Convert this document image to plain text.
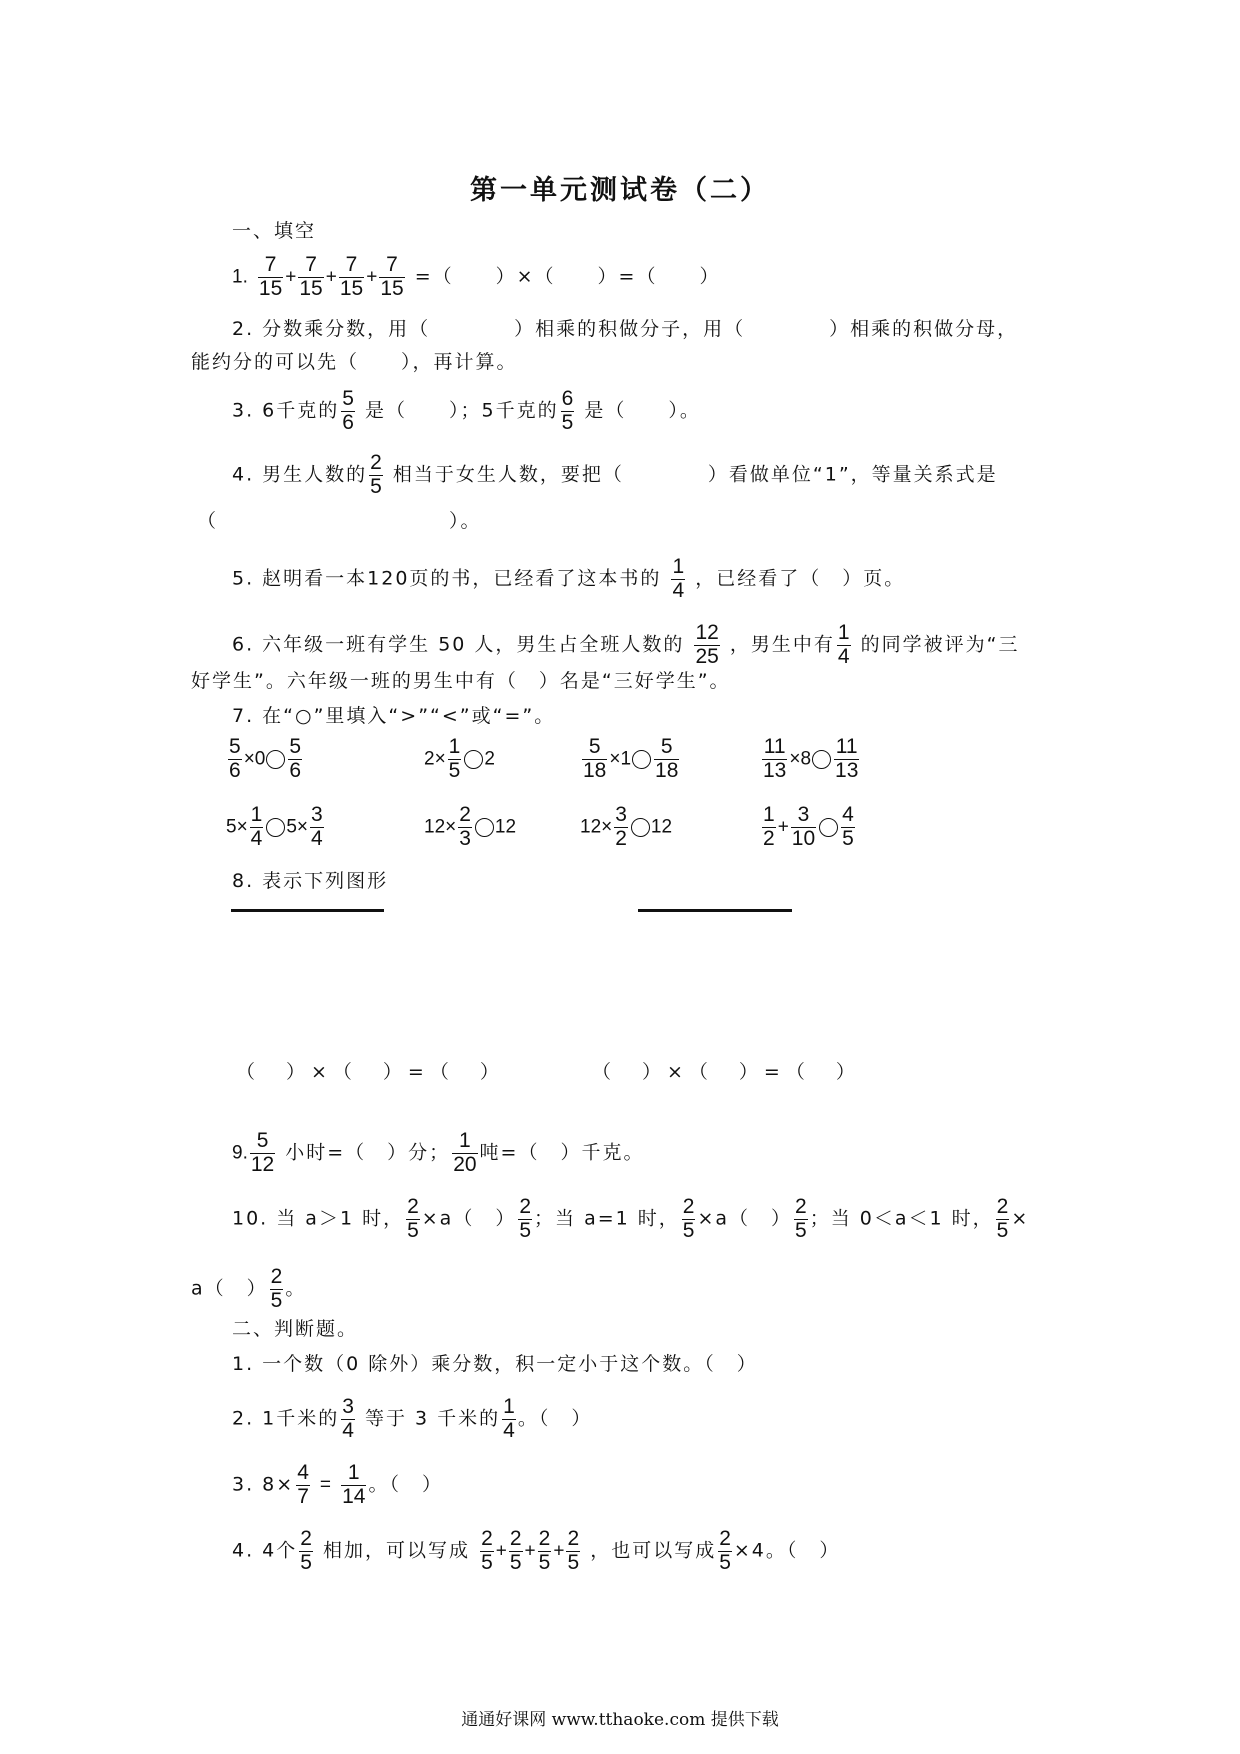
第一单元测试卷（二）
一、填空
1. $\frac{7}{15} + \frac{7}{15} + \frac{7}{15} + \frac{7}{15}$ =（　　）×（　　）=（　　）
2. 分数乘分数，用（　　　　）相乘的积做分子，用（　　　　）相乘的积做分母，
能约分的可以先（　　），再计算。
3. 6千克的 $\frac{5}{6}$ 是（　　）；5千克的 $\frac{6}{5}$ 是（　　）。
4. 男生人数的 $\frac{2}{5}$ 相当于女生人数，要把（　　　　）看做单位“1”，等量关系式是
（　　　　　　　　　　　）。
5. 赵明看一本120页的书，已经看了这本书的 $\frac{1}{4}$ ，已经看了（　）页。
6. 六年级一班有学生 50 人，男生占全班人数的 $\frac{12}{25}$ ，男生中有 $\frac{1}{4}$ 的同学被评为“三
好学生”。六年级一班的男生中有（　）名是“三好学生”。
7. 在“○”里填入“>”“<”或“=”。
$\frac{5}{6} \times 0 \frac{5}{6}$	$2\times \frac{1}{5} 2$	$\frac{5}{18} \times 1 \frac{5}{18}$	$\frac{11}{13} \times 8 \frac{11}{13}$
$5\times \frac{1}{4} 5\times \frac{3}{4}$	$12\times \frac{2}{3} 12$	$12\times \frac{3}{2} 12$	$\frac{1}{2} + \frac{3}{10} \frac{4}{5}$
8. 表示下列图形
（　）×（　）=（　）	（　）×（　）=（　）
9. $\frac{5}{12}$ 小时=（　）分； $\frac{1}{20}$ 吨=（　）千克。
10. 当 a＞1 时， $\frac{2}{5} \times a$（　） $\frac{2}{5}$ ；当 a=1 时， $\frac{2}{5} \times a$（　） $\frac{2}{5}$ ；当 0＜a＜1 时， $\frac{2}{5}$ ×
a（　） $\frac{2}{5}$ 。
二、判断题。
1. 一个数（0 除外）乘分数，积一定小于这个数。（　）
2. 1千米的 $\frac{3}{4}$ 等于 3 千米的 $\frac{1}{4}$ 。（　）
3. $8\times \frac{4}{7} = \frac{1}{14}$ 。（　）
4. 4个 $\frac{2}{5}$ 相加，可以写成 $\frac{2}{5} + \frac{2}{5} + \frac{2}{5} + \frac{2}{5}$ ，也可以写成 $\frac{2}{5} \times 4$。（　）
通通好课网 www.tthaoke.com 提供下载
